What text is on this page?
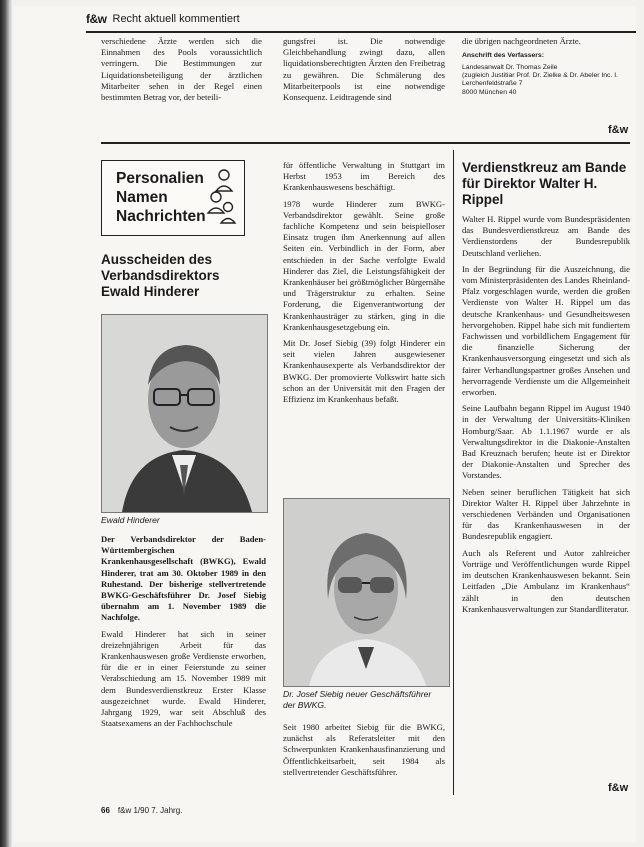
f&w Recht aktuell kommentiert

verschiedene Ärzte werden sich die Einnahmen des Pools voraussichtlich verringern. Die Bestimmungen zur Liquidationsbeteiligung der ärztlichen Mitarbeiter sehen in der Regel einen bestimmten Betrag vor, der beteili-

gungsfrei ist. Die notwendige Gleichbehandlung zwingt dazu, allen liquidationsberechtigten Ärzten den Freibetrag zu gewähren. Die Schmälerung des Mitarbeiterpools ist eine notwendige Konsequenz. Leidtragende sind

die übrigen nachgeordneten Ärzte.

Anschrift des Verfassers:
Landesanwalt Dr. Thomas Zeile
(zugleich Justitiar Prof. Dr. Zielke & Dr. Abeler Inc. I.
Lerchenfeldstraße 7
8000 München 40
f&w
Personalien
Namen
Nachrichten
Ausscheiden des Verbandsdirektors Ewald Hinderer
Ewald Hinderer

Der Verbandsdirektor der Baden-Württembergischen Krankenhausgesellschaft (BWKG), Ewald Hinderer, trat am 30. Oktober 1989 in den Ruhestand. Der bisherige stellvertretende BWKG-Geschäftsführer Dr. Josef Siebig übernahm am 1. November 1989 die Nachfolge.

Ewald Hinderer hat sich in seiner dreizehnjährigen Arbeit für das Krankenhauswesen große Verdienste erworben, für die er in einer Feierstunde zu seiner Verabschiedung am 15. November 1989 mit dem Bundesverdienstkreuz Erster Klasse ausgezeichnet wurde. Ewald Hinderer, Jahrgang 1929, war seit Abschluß des Staatsexamens an der Fachhochschule

für öffentliche Verwaltung in Stuttgart im Herbst 1953 im Bereich des Krankenhauswesens beschäftigt.

1978 wurde Hinderer zum BWKG-Verbandsdirektor gewählt. Seine große fachliche Kompetenz und sein beispielloser Einsatz trugen ihm Anerkennung auf allen Seiten ein. Verbindlich in der Form, aber entschieden in der Sache verfolgte Ewald Hinderer das Ziel, die Leistungsfähigkeit der Krankenhäuser bei größtmöglicher Bürgernähe und Trägerstruktur zu erhalten. Seine Forderung, die Eigenverantwortung der Krankenhausträger zu stärken, ging in die Krankenhausgesetzgebung ein.

Mit Dr. Josef Siebig (39) folgt Hinderer ein seit vielen Jahren ausgewiesener Krankenhausexperte als Verbandsdirektor der BWKG. Der promovierte Volkswirt hatte sich schon an der Universität mit den Fragen der Effizienz im Krankenhaus befaßt.

Dr. Josef Siebig neuer Geschäftsführer der BWKG.

Seit 1980 arbeitet Siebig für die BWKG, zunächst als Referatsleiter mit den Schwerpunkten Krankenhausfinanzierung und Öffentlichkeitsarbeit, seit 1984 als stellvertretender Geschäftsführer.

Verdienstkreuz am Bande für Direktor Walter H. Rippel

Walter H. Rippel wurde vom Bundespräsidenten das Bundesverdienstkreuz am Bande des Verdienstordens der Bundesrepublik Deutschland verliehen.

In der Begründung für die Auszeichnung, die vom Ministerpräsidenten des Landes Rheinland-Pfalz vorgeschlagen wurde, werden die großen Verdienste von Walter H. Rippel um das deutsche Krankenhaus- und Gesundheitswesen hervorgehoben. Rippel habe sich mit fundiertem Fachwissen und vorbildlichem Engagement für die finanzielle Sicherung der Krankenhausversorgung eingesetzt und sich als fairer Verhandlungspartner großes Ansehen und hervorragende Verdienste um die Allgemeinheit erworben.

Seine Laufbahn begann Rippel im August 1940 in der Verwaltung der Universitäts-Kliniken Homburg/Saar. Ab 1.1.1967 wurde er als Verwaltungsdirektor in die Diakonie-Anstalten Bad Kreuznach berufen; heute ist er Direktor der Diakonie-Anstalten und Sprecher des Vorstandes.

Neben seiner beruflichen Tätigkeit hat sich Direktor Walter H. Rippel über Jahrzehnte in verschiedenen Verbänden und Organisationen für das Krankenhauswesen in der Bundesrepublik engagiert.

Auch als Referent und Autor zahlreicher Vorträge und Veröffentlichungen wurde Rippel im deutschen Krankenhauswesen bekannt. Sein Leitfaden „Die Ambulanz im Krankenhaus“ zählt in den deutschen Krankenhausverwaltungen zur Standardliteratur.

f&w
66 f&w 1/90 7. Jahrg.
